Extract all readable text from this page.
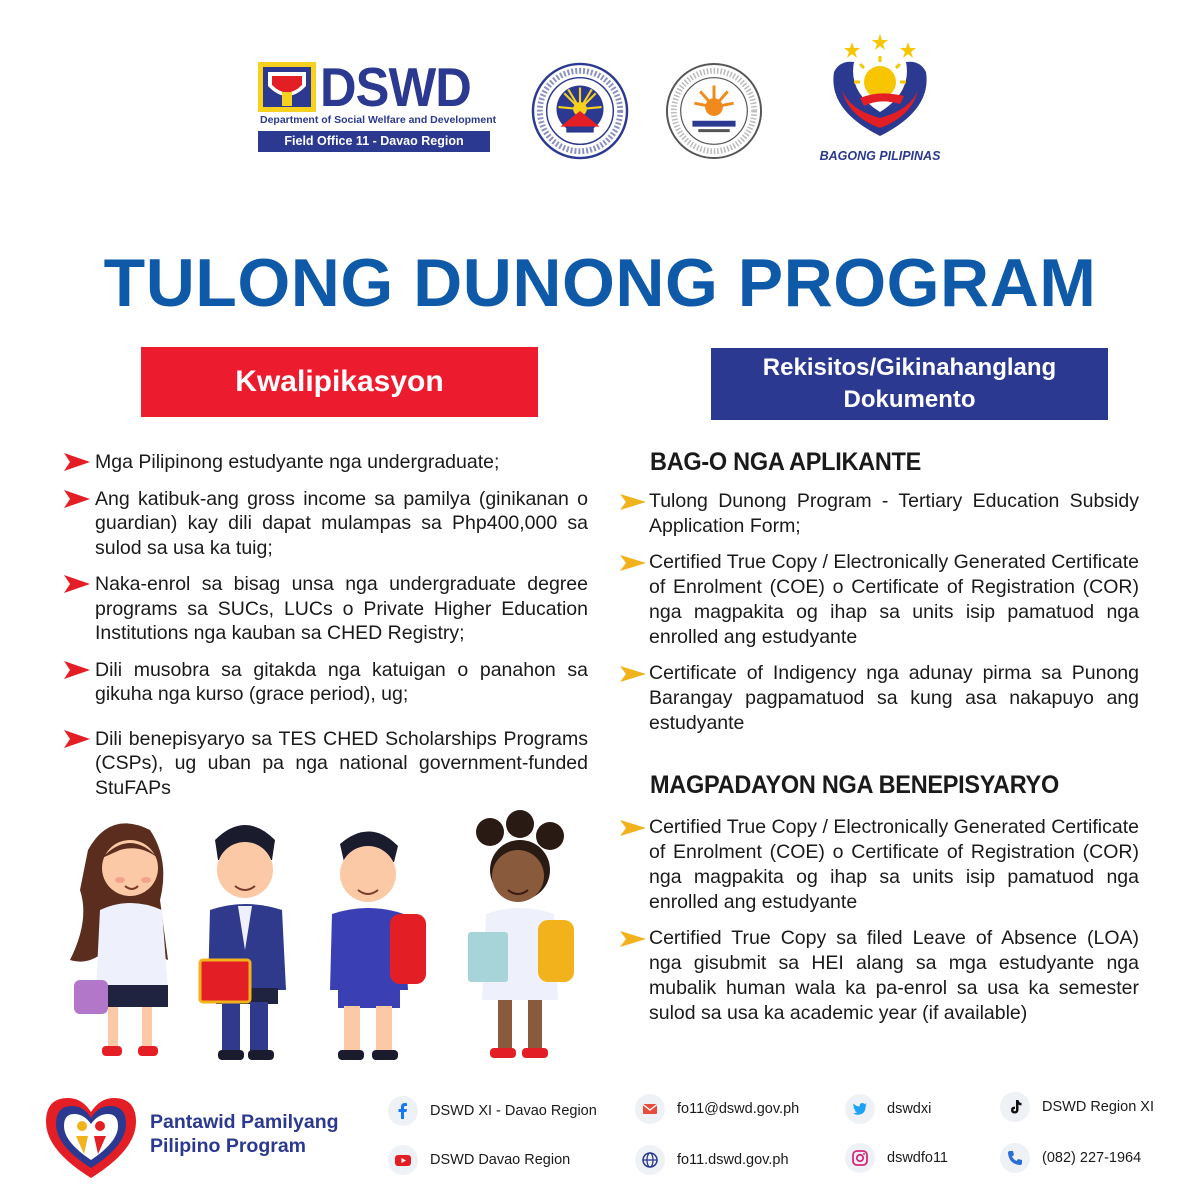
DSWD
Department of Social Welfare and Development
Field Office 11 - Davao Region
BAGONG PILIPINAS
TULONG DUNONG PROGRAM
Kwalipikasyon	Rekisitos/Gikinahanglang Dokumento
Mga Pilipinong estudyante nga undergraduate;
Ang katibuk-ang gross income sa pamilya (ginikanan o guardian) kay dili dapat mulampas sa Php400,000 sa sulod sa usa ka tuig;
Naka-enrol sa bisag unsa nga undergraduate degree programs sa SUCs, LUCs o Private Higher Education Institutions nga kauban sa CHED Registry;
Dili musobra sa gitakda nga katuigan o panahon sa gikuha nga kurso (grace period), ug;
Dili benepisyaryo sa TES CHED Scholarships Programs (CSPs), ug uban pa nga national government-funded StuFAPs
BAG-O NGA APLIKANTE
Tulong Dunong Program - Tertiary Education Subsidy Application Form;
Certified True Copy / Electronically Generated Certificate of Enrolment (COE) o Certificate of Registration (COR) nga magpakita og ihap sa units isip pamatuod nga enrolled ang estudyante
Certificate of Indigency nga adunay pirma sa Punong Barangay pagpamatuod sa kung asa nakapuyo ang estudyante
MAGPADAYON NGA BENEPISYARYO
Certified True Copy / Electronically Generated Certificate of Enrolment (COE) o Certificate of Registration (COR) nga magpakita og ihap sa units isip pamatuod nga enrolled ang estudyante
Certified True Copy sa filed Leave of Absence (LOA) nga gisubmit sa HEI alang sa mga estudyante nga mubalik human wala ka pa-enrol sa usa ka semester sulod sa usa ka academic year (if available)
Pantawid Pamilyang
Pilipino Program
DSWD XI - Davao Region
DSWD Davao Region
fo11@dswd.gov.ph
fo11.dswd.gov.ph
dswdxi
dswdfo11
DSWD Region XI
(082) 227-1964
